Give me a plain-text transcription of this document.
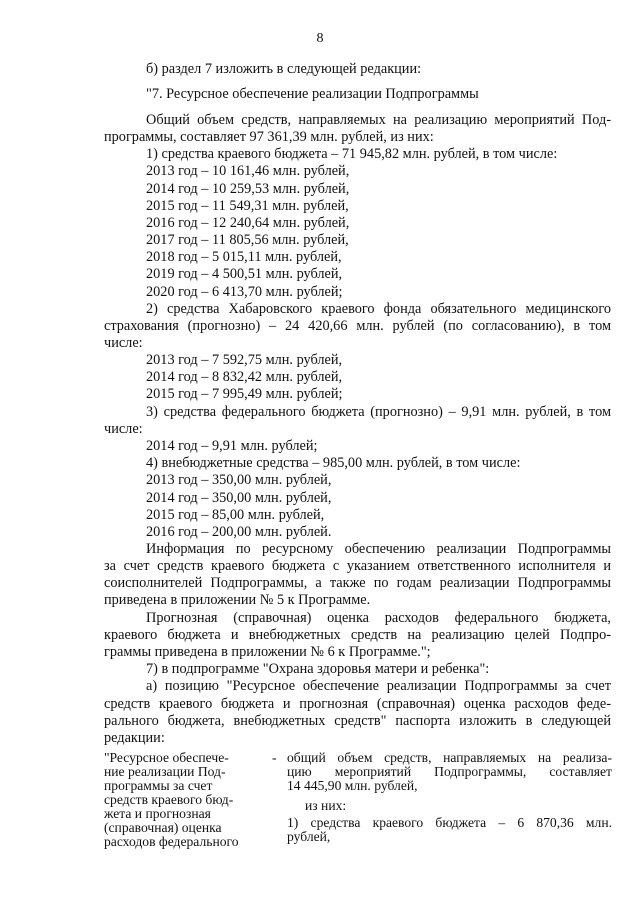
8
б) раздел 7 изложить в следующей редакции:
"7. Ресурсное обеспечение реализации Подпрограммы
Общий объем средств, направляемых на реализацию мероприятий Под-
программы, составляет 97 361,39 млн. рублей, из них:
1) средства краевого бюджета – 71 945,82 млн. рублей, в том числе:
2013 год – 10 161,46 млн. рублей,
2014 год – 10 259,53 млн. рублей,
2015 год – 11 549,31 млн. рублей,
2016 год – 12 240,64 млн. рублей,
2017 год – 11 805,56 млн. рублей,
2018 год – 5 015,11 млн. рублей,
2019 год – 4 500,51 млн. рублей,
2020 год – 6 413,70 млн. рублей;
2) средства Хабаровского краевого фонда обязательного медицинского
страхования (прогнозно) – 24 420,66 млн. рублей (по согласованию), в том
числе:
2013 год – 7 592,75 млн. рублей,
2014 год – 8 832,42 млн. рублей,
2015 год – 7 995,49 млн. рублей;
3) средства федерального бюджета (прогнозно) – 9,91 млн. рублей, в том
числе:
2014 год – 9,91 млн. рублей;
4) внебюджетные средства – 985,00 млн. рублей, в том числе:
2013 год – 350,00 млн. рублей,
2014 год – 350,00 млн. рублей,
2015 год – 85,00 млн. рублей,
2016 год – 200,00 млн. рублей.
Информация по ресурсному обеспечению реализации Подпрограммы
за счет средств краевого бюджета с указанием ответственного исполнителя и
соисполнителей Подпрограммы, а также по годам реализации Подпрограммы
приведена в приложении № 5 к Программе.
Прогнозная (справочная) оценка расходов федерального бюджета,
краевого бюджета и внебюджетных средств на реализацию целей Подпро-
граммы приведена в приложении № 6 к Программе.";
7) в подпрограмме "Охрана здоровья матери и ребенка":
а) позицию "Ресурсное обеспечение реализации Подпрограммы за счет
средств краевого бюджета и прогнозная (справочная) оценка расходов феде-
рального бюджета, внебюджетных средств" паспорта изложить в следующей
редакции:
"Ресурсное обеспече-
ние реализации Под-
программы за счет
средств краевого бюд-
жета и прогнозная
(справочная) оценка
расходов федерального
- общий объем средств, направляемых на реализа-
цию мероприятий Подпрограммы, составляет
14 445,90 млн. рублей,
из них:
1) средства краевого бюджета – 6 870,36 млн.
рублей,
